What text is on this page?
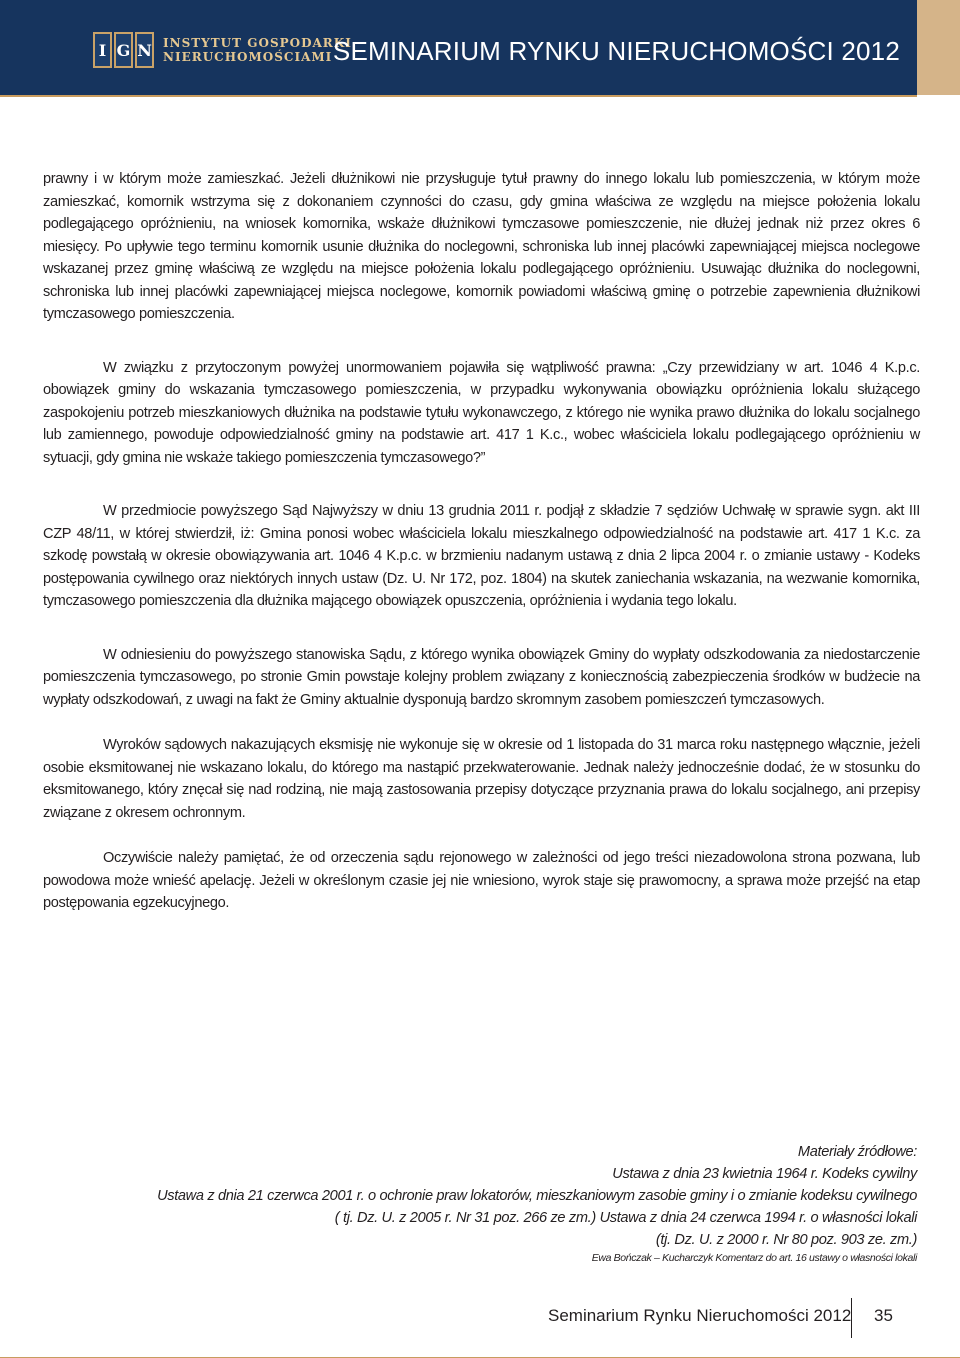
I G N INSTYTUT GOSPODARKI
NIERUCHOMOŚCIAMI SEMINARIUM RYNKU NIERUCHOMOŚCI 2012

prawny i w którym może zamieszkać. Jeżeli dłużnikowi nie przysługuje tytuł prawny do innego lokalu lub pomieszczenia, w którym może zamieszkać, komornik wstrzyma się z dokonaniem czynności do czasu, gdy gmina właściwa ze względu na miejsce położenia lokalu podlegającego opróżnieniu, na wniosek komornika, wskaże dłużnikowi tymczasowe pomieszczenie, nie dłużej jednak niż przez okres 6 miesięcy. Po upływie tego terminu komornik usunie dłużnika do noclegowni, schroniska lub innej placówki zapewniającej miejsca noclegowe wskazanej przez gminę właściwą ze względu na miejsce położenia lokalu podlegającego opróżnieniu. Usuwając dłużnika do noclegowni, schroniska lub innej placówki zapewniającej miejsca noclegowe, komornik powiadomi właściwą gminę o potrzebie zapewnienia dłużnikowi tymczasowego pomieszczenia.

W związku z przytoczonym powyżej unormowaniem pojawiła się wątpliwość prawna: „Czy przewidziany w art. 1046 4 K.p.c. obowiązek gminy do wskazania tymczasowego pomieszczenia, w przypadku wykonywania obowiązku opróżnienia lokalu służącego zaspokojeniu potrzeb mieszkaniowych dłużnika na podstawie tytułu wykonawczego, z którego nie wynika prawo dłużnika do lokalu socjalnego lub zamiennego, powoduje odpowiedzialność gminy na podstawie art. 417 1 K.c., wobec właściciela lokalu podlegającego opróżnieniu w sytuacji, gdy gmina nie wskaże takiego pomieszczenia tymczasowego?”

W przedmiocie powyższego Sąd Najwyższy w dniu 13 grudnia 2011 r. podjął z składzie 7 sędziów Uchwałę w sprawie sygn. akt III CZP 48/11, w której stwierdził, iż: Gmina ponosi wobec właściciela lokalu mieszkalnego odpowiedzialność na podstawie art. 417 1 K.c. za szkodę powstałą w okresie obowiązywania art. 1046 4 K.p.c. w brzmieniu nadanym ustawą z dnia 2 lipca 2004 r. o zmianie ustawy - Kodeks postępowania cywilnego oraz niektórych innych ustaw (Dz. U. Nr 172, poz. 1804) na skutek zaniechania wskazania, na wezwanie komornika, tymczasowego pomieszczenia dla dłużnika mającego obowiązek opuszczenia, opróżnienia i wydania tego lokalu.

W odniesieniu do powyższego stanowiska Sądu, z którego wynika obowiązek Gminy do wypłaty odszkodowania za niedostarczenie pomieszczenia tymczasowego, po stronie Gmin powstaje kolejny problem związany z koniecznością zabezpieczenia środków w budżecie na wypłaty odszkodowań, z uwagi na fakt że Gminy aktualnie dysponują bardzo skromnym zasobem pomieszczeń tymczasowych.

Wyroków sądowych nakazujących eksmisję nie wykonuje się w okresie od 1 listopada do 31 marca roku następnego włącznie, jeżeli osobie eksmitowanej nie wskazano lokalu, do którego ma nastąpić przekwaterowanie. Jednak należy jednocześnie dodać, że w stosunku do eksmitowanego, który znęcał się nad rodziną, nie mają zastosowania przepisy dotyczące przyznania prawa do lokalu socjalnego, ani przepisy związane z okresem ochronnym.

Oczywiście należy pamiętać, że od orzeczenia sądu rejonowego w zależności od jego treści niezadowolona strona pozwana, lub powodowa może wnieść apelację. Jeżeli w określonym czasie jej nie wniesiono, wyrok staje się prawomocny, a sprawa może przejść na etap postępowania egzekucyjnego.

Materiały źródłowe:
Ustawa z dnia 23 kwietnia 1964 r. Kodeks cywilny
Ustawa z dnia 21 czerwca 2001 r. o ochronie praw lokatorów, mieszkaniowym zasobie gminy i o zmianie kodeksu cywilnego
( tj. Dz. U. z 2005 r. Nr 31 poz. 266 ze zm.) Ustawa z dnia 24 czerwca 1994 r. o własności lokali
(tj. Dz. U. z 2000 r. Nr 80 poz. 903 ze. zm.)
Ewa Bończak – Kucharczyk Komentarz do art. 16 ustawy o własności lokali
Seminarium Rynku Nieruchomości 2012 35
